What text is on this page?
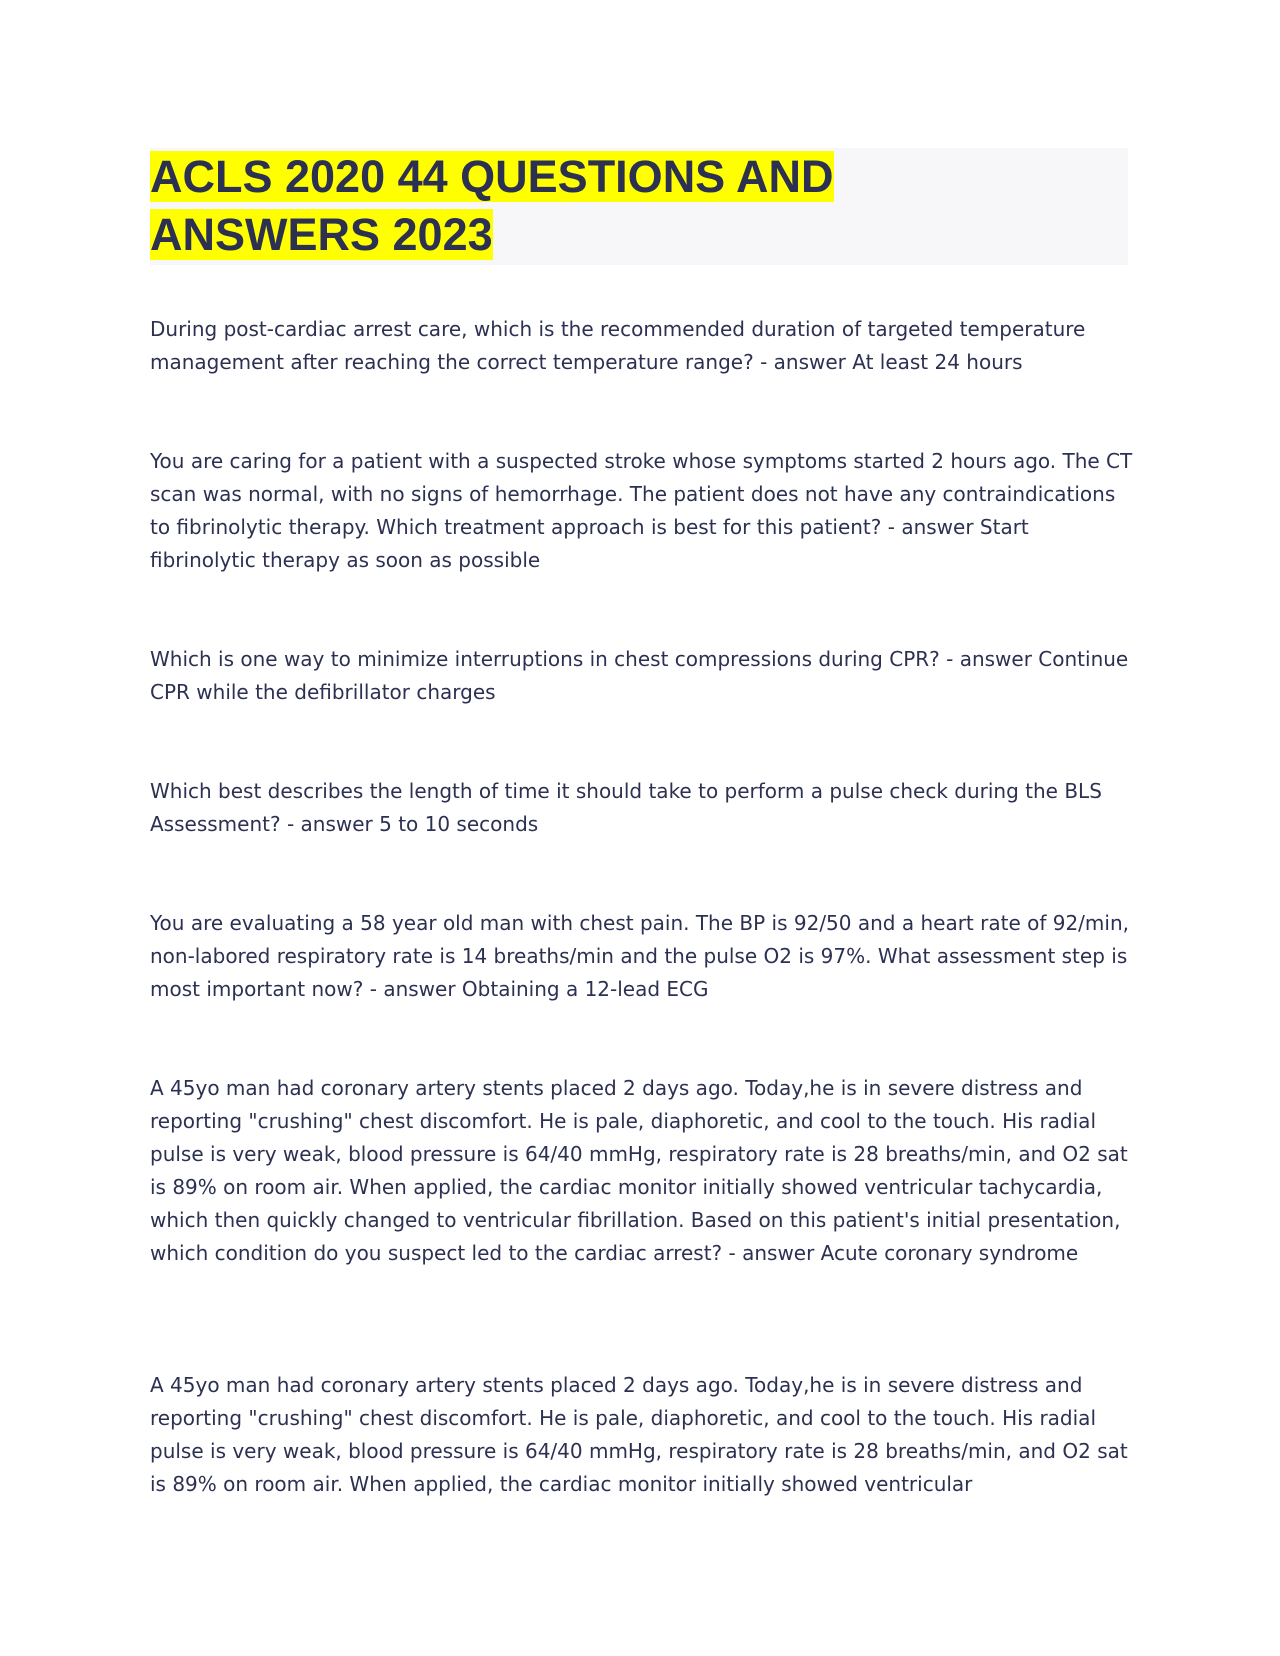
ACLS 2020 44 QUESTIONS AND
ANSWERS 2023

During post-cardiac arrest care, which is the recommended duration of targeted temperature management after reaching the correct temperature range? - answer At least 24 hours

You are caring for a patient with a suspected stroke whose symptoms started 2 hours ago. The CT scan was normal, with no signs of hemorrhage. The patient does not have any contraindications to fibrinolytic therapy. Which treatment approach is best for this patient? - answer Start fibrinolytic therapy as soon as possible

Which is one way to minimize interruptions in chest compressions during CPR? - answer Continue CPR while the defibrillator charges

Which best describes the length of time it should take to perform a pulse check during the BLS Assessment? - answer 5 to 10 seconds

You are evaluating a 58 year old man with chest pain. The BP is 92/50 and a heart rate of 92/min, non-labored respiratory rate is 14 breaths/min and the pulse O2 is 97%. What assessment step is most important now? - answer Obtaining a 12-lead ECG

A 45yo man had coronary artery stents placed 2 days ago. Today,he is in severe distress and reporting "crushing" chest discomfort. He is pale, diaphoretic, and cool to the touch. His radial pulse is very weak, blood pressure is 64/40 mmHg, respiratory rate is 28 breaths/min, and O2 sat is 89% on room air. When applied, the cardiac monitor initially showed ventricular tachycardia, which then quickly changed to ventricular fibrillation. Based on this patient's initial presentation, which condition do you suspect led to the cardiac arrest? - answer Acute coronary syndrome

A 45yo man had coronary artery stents placed 2 days ago. Today,he is in severe distress and reporting "crushing" chest discomfort. He is pale, diaphoretic, and cool to the touch. His radial pulse is very weak, blood pressure is 64/40 mmHg, respiratory rate is 28 breaths/min, and O2 sat is 89% on room air. When applied, the cardiac monitor initially showed ventricular
